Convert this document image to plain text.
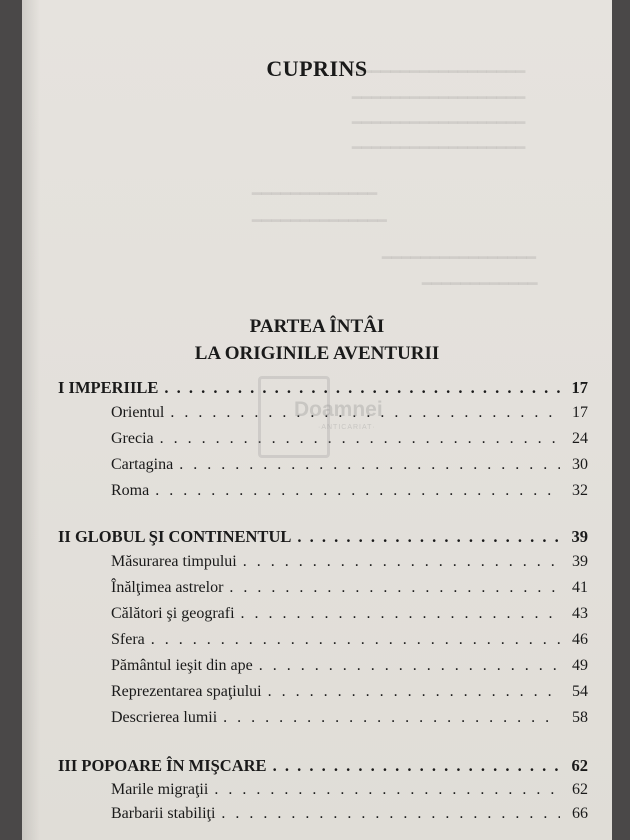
━━━━━━━━━━━━━━━━━━
━━━━━━━━━━━━━━━━━━
━━━━━━━━━━━━━━━━━━
━━━━━━━━━━━━━━━━━━
━━━━━━━━━━━━━
━━━━━━━━━━━━━━
━━━━━━━━━━━━━━━━
━━━━━━━━━━━━
CUPRINS
PARTEA ÎNTÂI
LA ORIGINILE AVENTURII
I IMPERIILE . . .	17
Orientul . . .	17
Grecia . . .	24
Cartagina . . .	30
Roma . . .	32
II GLOBUL ŞI CONTINENTUL . . .	39
Măsurarea timpului . . .	39
Înălţimea astrelor . . .	41
Călători şi geografi . . .	43
Sfera . . .	46
Pământul ieşit din ape . . .	49
Reprezentarea spaţiului . . .	54
Descrierea lumii . . .	58
III POPOARE ÎN MIŞCARE . . .	62
Marile migraţii . . .	62
Barbarii stabiliţi . . .	66
Doamnei
·ANTICARIAT·
